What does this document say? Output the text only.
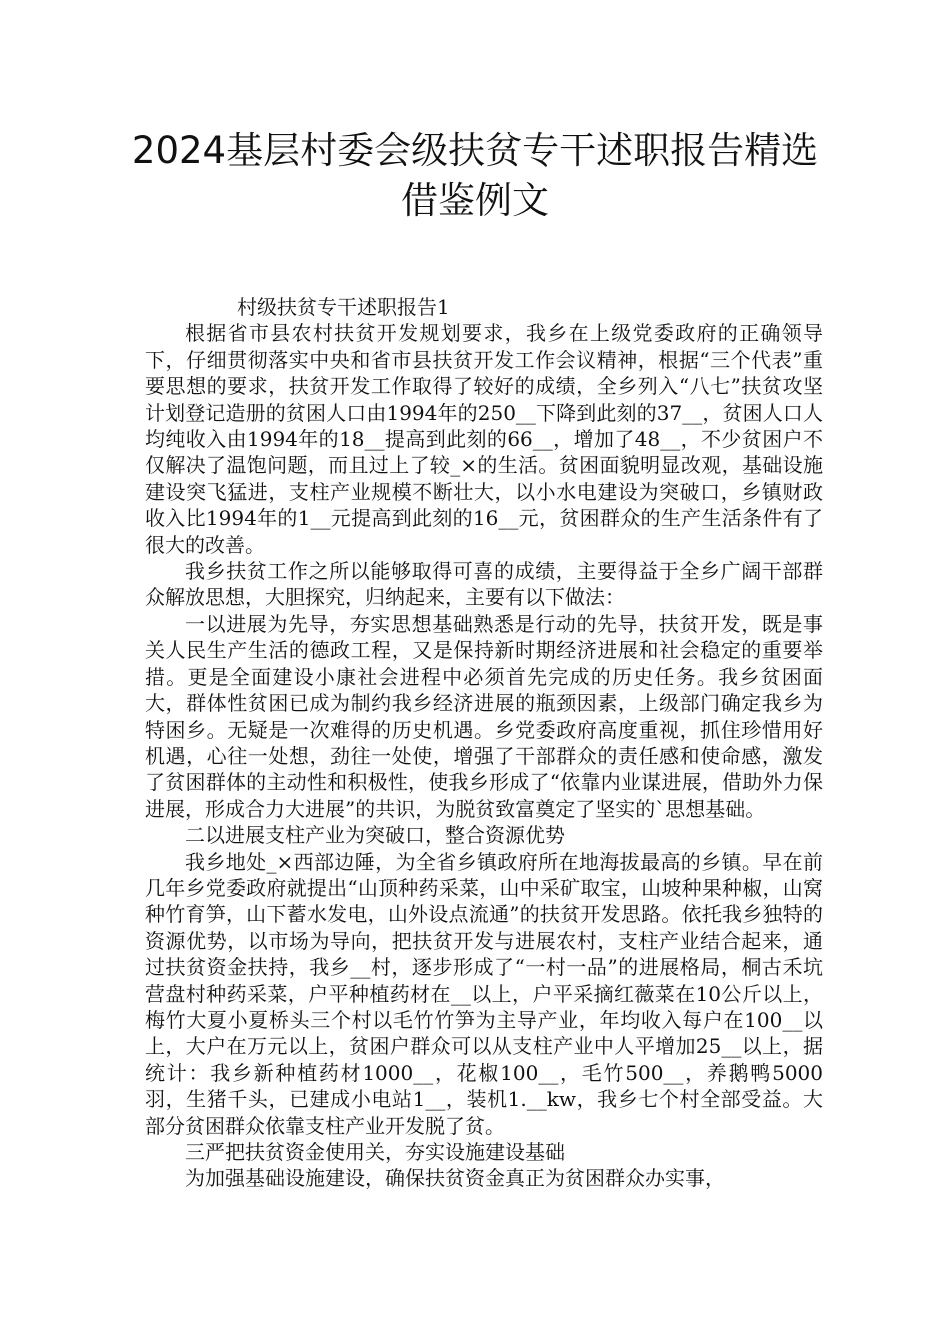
2024基层村委会级扶贫专干述职报告精选借鉴例文

村级扶贫专干述职报告1

根据省市县农村扶贫开发规划要求，我乡在上级党委政府的正确领导下，仔细贯彻落实中央和省市县扶贫开发工作会议精神，根据“三个代表”重要思想的要求，扶贫开发工作取得了较好的成绩，全乡列入“八七”扶贫攻坚计划登记造册的贫困人口由1994年的250__下降到此刻的37__，贫困人口人均纯收入由1994年的18__提高到此刻的66__，增加了48__，不少贫困户不仅解决了温饱问题，而且过上了较_×的生活。贫困面貌明显改观，基础设施建设突飞猛进，支柱产业规模不断壮大，以小水电建设为突破口，乡镇财政收入比1994年的1__元提高到此刻的16__元，贫困群众的生产生活条件有了很大的改善。

我乡扶贫工作之所以能够取得可喜的成绩，主要得益于全乡广阔干部群众解放思想，大胆探究，归纳起来，主要有以下做法：

一以进展为先导，夯实思想基础熟悉是行动的先导，扶贫开发，既是事关人民生产生活的德政工程，又是保持新时期经济进展和社会稳定的重要举措。更是全面建设小康社会进程中必须首先完成的历史任务。我乡贫困面大，群体性贫困已成为制约我乡经济进展的瓶颈因素，上级部门确定我乡为特困乡。无疑是一次难得的历史机遇。乡党委政府高度重视，抓住珍惜用好机遇，心往一处想，劲往一处使，增强了干部群众的责任感和使命感，激发了贫困群体的主动性和积极性，使我乡形成了“依靠内业谋进展，借助外力保进展，形成合力大进展”的共识，为脱贫致富奠定了坚实的`思想基础。

二以进展支柱产业为突破口，整合资源优势

我乡地处_×西部边陲，为全省乡镇政府所在地海拔最高的乡镇。早在前几年乡党委政府就提出“山顶种药采菜，山中采矿取宝，山坡种果种椒，山窝种竹育笋，山下蓄水发电，山外设点流通”的扶贫开发思路。依托我乡独特的资源优势，以市场为导向，把扶贫开发与进展农村，支柱产业结合起来，通过扶贫资金扶持，我乡__村，逐步形成了“一村一品”的进展格局，桐古禾坑营盘村种药采菜，户平种植药材在__以上，户平采摘红薇菜在10公斤以上，梅竹大夏小夏桥头三个村以毛竹竹笋为主导产业，年均收入每户在100__以上，大户在万元以上，贫困户群众可以从支柱产业中人平增加25__以上，据统计：我乡新种植药材1000__，花椒100__，毛竹500__，养鹅鸭5000羽，生猪千头，已建成小电站1__，装机1.__kw，我乡七个村全部受益。大部分贫困群众依靠支柱产业开发脱了贫。

三严把扶贫资金使用关，夯实设施建设基础

为加强基础设施建设，确保扶贫资金真正为贫困群众办实事，
